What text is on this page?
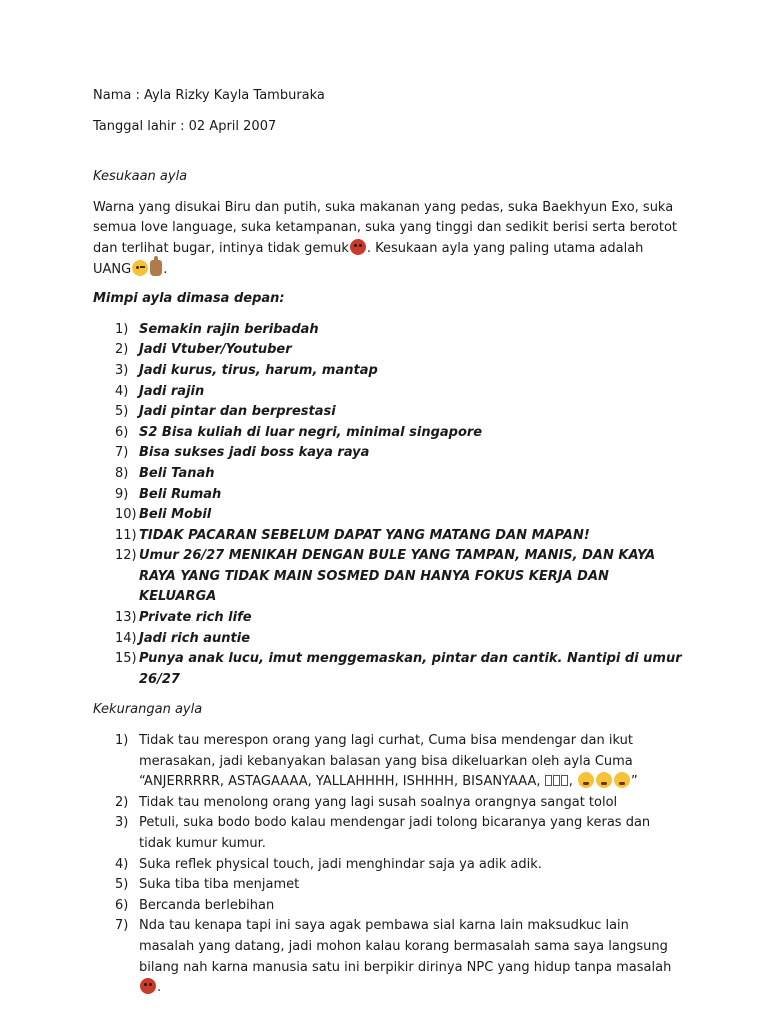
Nama : Ayla Rizky Kayla Tamburaka

Tanggal lahir : 02 April 2007

Kesukaan ayla

Warna yang disukai Biru dan putih, suka makanan yang pedas, suka Baekhyun Exo, suka semua love language, suka ketampanan, suka yang tinggi dan sedikit berisi serta berotot dan terlihat bugar, intinya tidak gemuk . Kesukaan ayla yang paling utama adalah UANG .

Mimpi ayla dimasa depan:

1) Semakin rajin beribadah
2) Jadi Vtuber/Youtuber
3) Jadi kurus, tirus, harum, mantap
4) Jadi rajin
5) Jadi pintar dan berprestasi
6) S2 Bisa kuliah di luar negri, minimal singapore
7) Bisa sukses jadi boss kaya raya
8) Beli Tanah
9) Beli Rumah
10) Beli Mobil
11) TIDAK PACARAN SEBELUM DAPAT YANG MATANG DAN MAPAN!
12) Umur 26/27 MENIKAH DENGAN BULE YANG TAMPAN, MANIS, DAN KAYA RAYA YANG TIDAK MAIN SOSMED DAN HANYA FOKUS KERJA DAN KELUARGA
13) Private rich life
14) Jadi rich auntie
15) Punya anak lucu, imut menggemaskan, pintar dan cantik. Nantipi di umur 26/27

Kekurangan ayla

1) Tidak tau merespon orang yang lagi curhat, Cuma bisa mendengar dan ikut merasakan, jadi kebanyakan balasan yang bisa dikeluarkan oleh ayla Cuma “ANJERRRRR, ASTAGAAAA, YALLAHHHH, ISHHHH, BISANYAAA, ,	”
2) Tidak tau menolong orang yang lagi susah soalnya orangnya sangat tolol
3) Petuli, suka bodo bodo kalau mendengar jadi tolong bicaranya yang keras dan tidak kumur kumur.
4) Suka reflek physical touch, jadi menghindar saja ya adik adik.
5) Suka tiba tiba menjamet
6) Bercanda berlebihan
7) Nda tau kenapa tapi ini saya agak pembawa sial karna lain maksudkuc lain masalah yang datang, jadi mohon kalau korang bermasalah sama saya langsung bilang nah karna manusia satu ini berpikir dirinya NPC yang hidup tanpa masalah.
